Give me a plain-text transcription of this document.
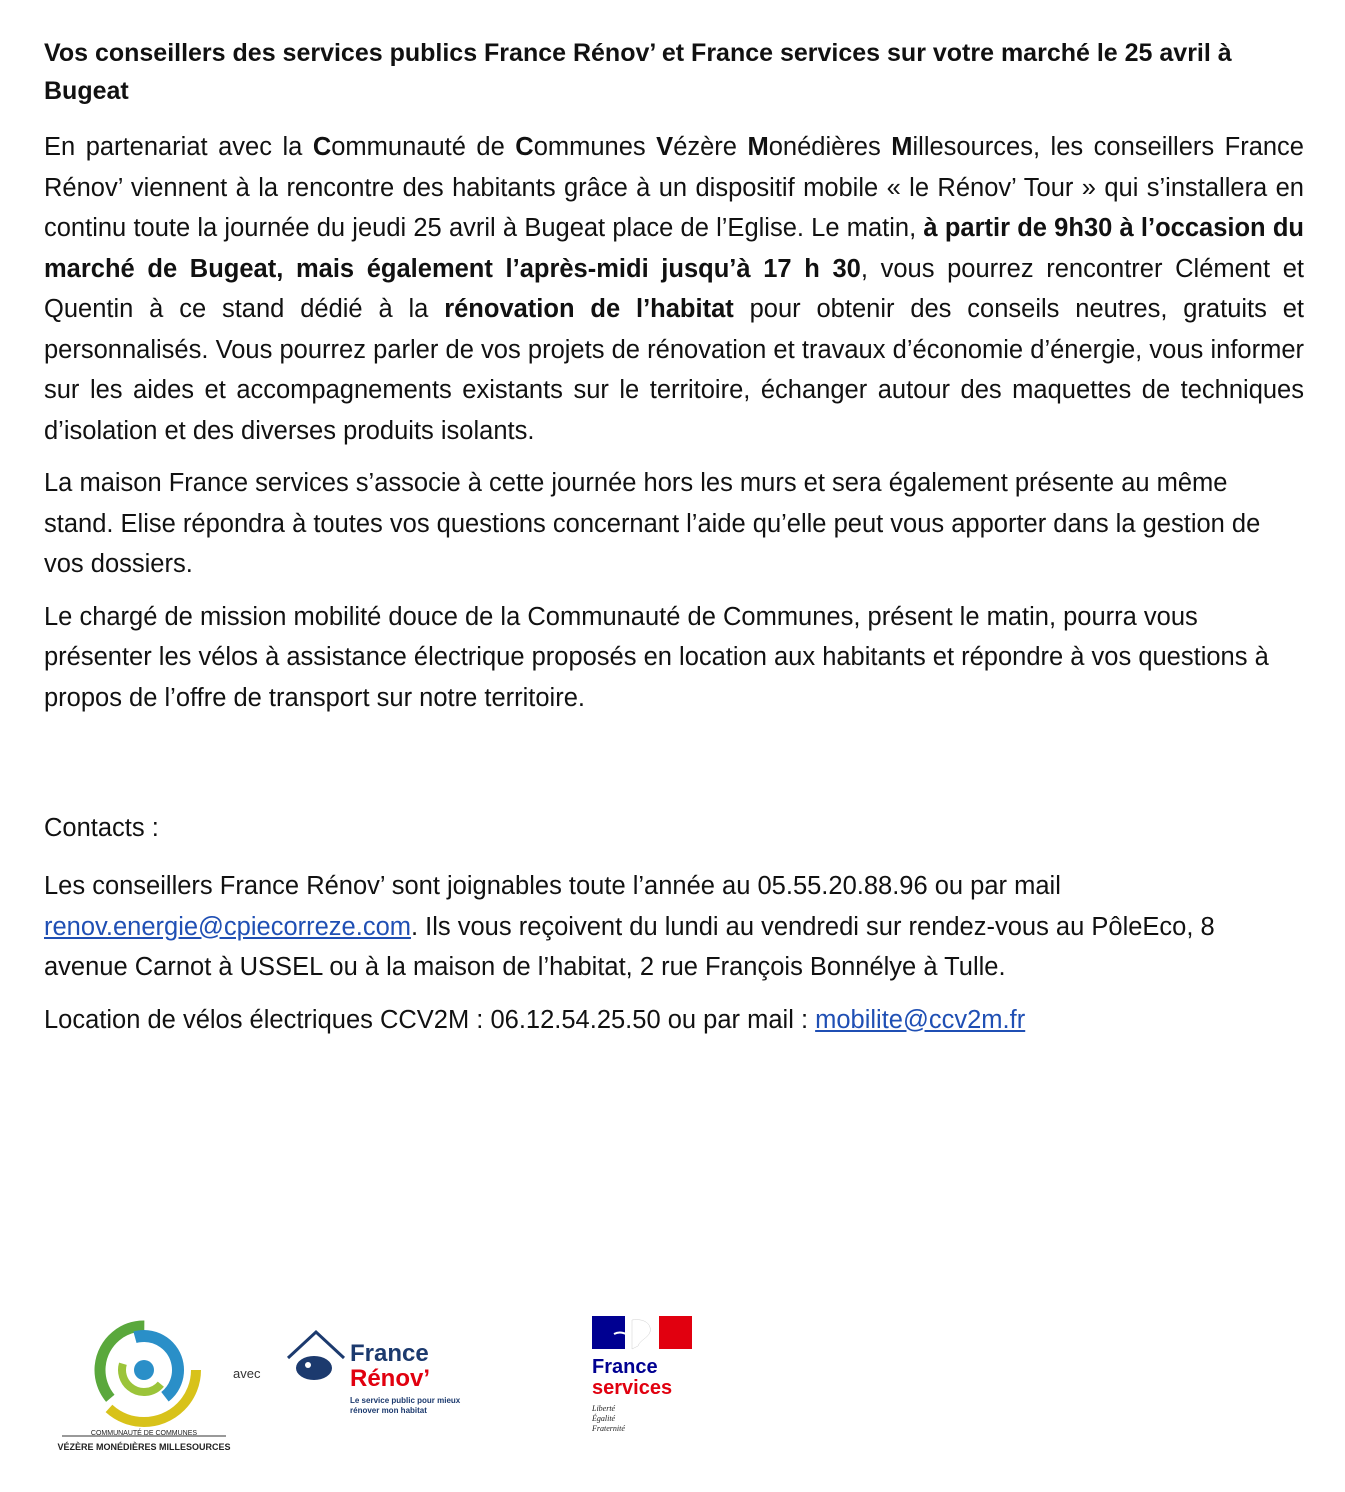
Vos conseillers des services publics France Rénov’ et France services sur votre marché le 25 avril à Bugeat

En partenariat avec la Communauté de Communes Vézère Monédières Millesources, les conseillers France Rénov’ viennent à la rencontre des habitants grâce à un dispositif mobile « le Rénov’ Tour » qui s’installera en continu toute la journée du jeudi 25 avril à Bugeat place de l’Eglise. Le matin, à partir de 9h30 à l’occasion du marché de Bugeat, mais également l’après-midi jusqu’à 17 h 30, vous pourrez rencontrer Clément et Quentin à ce stand dédié à la rénovation de l’habitat pour obtenir des conseils neutres, gratuits et personnalisés. Vous pourrez parler de vos projets de rénovation et travaux d’économie d’énergie, vous informer sur les aides et accompagnements existants sur le territoire, échanger autour des maquettes de techniques d’isolation et des diverses produits isolants.

La maison France services s’associe à cette journée hors les murs et sera également présente au même stand. Elise répondra à toutes vos questions concernant l’aide qu’elle peut vous apporter dans la gestion de vos dossiers.

Le chargé de mission mobilité douce de la Communauté de Communes, présent le matin, pourra vous présenter les vélos à assistance électrique proposés en location aux habitants et répondre à vos questions à propos de l’offre de transport sur notre territoire.

Contacts :

Les conseillers France Rénov’ sont joignables toute l’année au 05.55.20.88.96 ou par mail renov.energie@cpiecorreze.com. Ils vous reçoivent du lundi au vendredi sur rendez-vous au PôleEco, 8 avenue Carnot à USSEL ou à la maison de l’habitat, 2 rue François Bonnélye à Tulle.

Location de vélos électriques CCV2M : 06.12.54.25.50 ou par mail : mobilite@ccv2m.fr

COMMUNAUTÉ DE COMMUNES
VÉZÈRE MONÉDIÈRES MILLESOURCES
avec
France
Rénov’
Le service public pour mieux
rénover mon habitat
France
services
Liberté
Égalité
Fraternité
